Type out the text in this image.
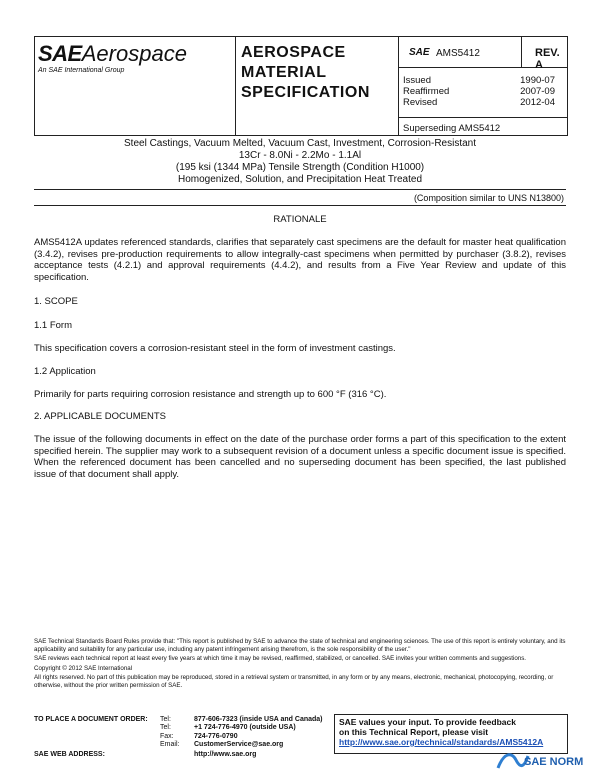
SAEAerospace
An SAE International Group
AEROSPACE
MATERIAL
SPECIFICATION
SAE AMS5412	REV. A
Issued	1990-07
Reaffirmed	2007-09
Revised	2012-04
Superseding AMS5412
Steel Castings, Vacuum Melted, Vacuum Cast, Investment, Corrosion-Resistant
13Cr - 8.0Ni - 2.2Mo - 1.1Al
(195 ksi (1344 MPa) Tensile Strength (Condition H1000)
Homogenized, Solution, and Precipitation Heat Treated
(Composition similar to UNS N13800)
RATIONALE
AMS5412A updates referenced standards, clarifies that separately cast specimens are the default for master heat qualification (3.4.2), revises pre-production requirements to allow integrally-cast specimens when permitted by purchaser (3.8.2), revises acceptance tests (4.2.1) and approval requirements (4.4.2), and results from a Five Year Review and update of this specification.
1. SCOPE
1.1 Form
This specification covers a corrosion-resistant steel in the form of investment castings.
1.2 Application
Primarily for parts requiring corrosion resistance and strength up to 600 °F (316 °C).
2. APPLICABLE DOCUMENTS
The issue of the following documents in effect on the date of the purchase order forms a part of this specification to the extent specified herein. The supplier may work to a subsequent revision of a document unless a specific document issue is specified. When the referenced document has been cancelled and no superseding document has been specified, the last published issue of that document shall apply.

SAE Technical Standards Board Rules provide that: "This report is published by SAE to advance the state of technical and engineering sciences. The use of this report is entirely voluntary, and its applicability and suitability for any particular use, including any patent infringement arising therefrom, is the sole responsibility of the user."

SAE reviews each technical report at least every five years at which time it may be revised, reaffirmed, stabilized, or cancelled. SAE invites your written comments and suggestions.

Copyright © 2012 SAE International

All rights reserved. No part of this publication may be reproduced, stored in a retrieval system or transmitted, in any form or by any means, electronic, mechanical, photocopying, recording, or otherwise, without the prior written permission of SAE.

TO PLACE A DOCUMENT ORDER: Tel:	877-606-7323 (inside USA and Canada)
Tel:	+1 724-776-4970 (outside USA)
Fax:	724-776-0790
Email: CustomerService@sae.org
SAE WEB ADDRESS:	http://www.sae.org
SAE values your input. To provide feedback
on this Technical Report, please visit
http://www.sae.org/technical/standards/AMS5412A
SAE NORM
